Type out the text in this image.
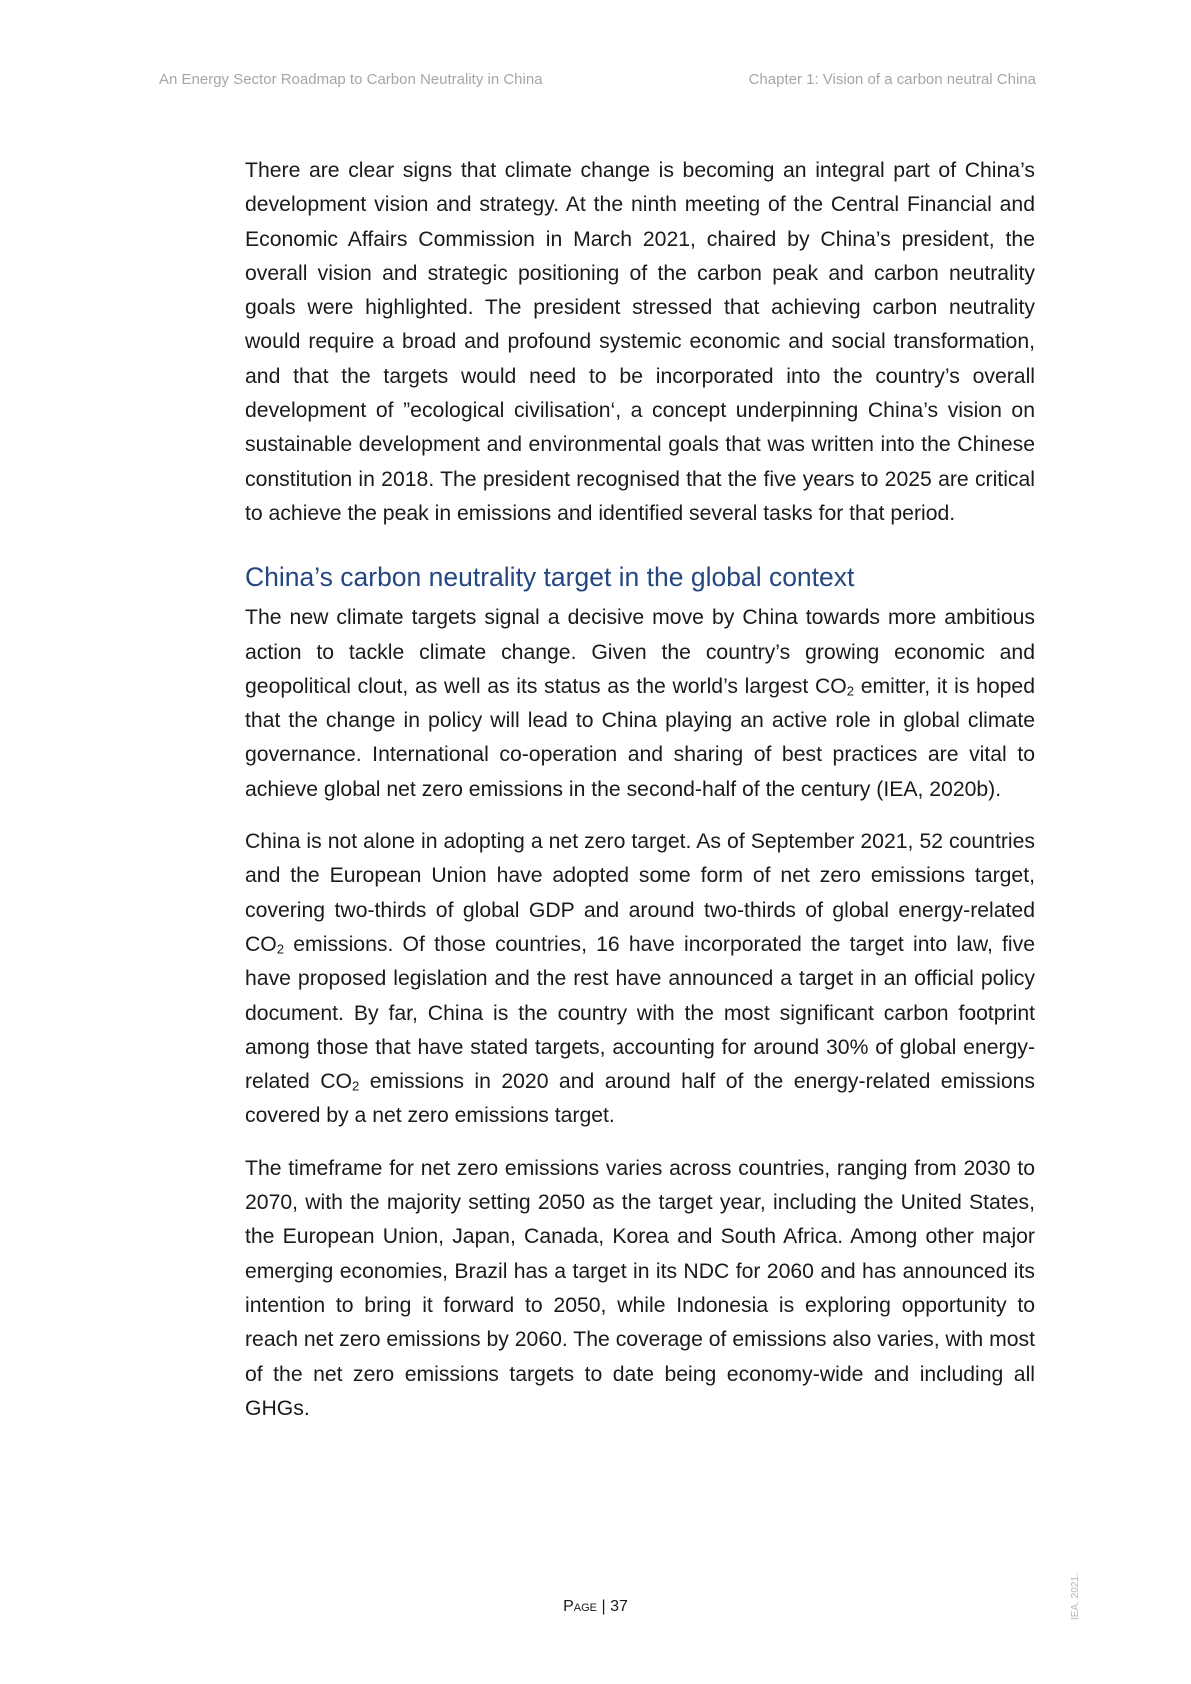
An Energy Sector Roadmap to Carbon Neutrality in China	Chapter 1: Vision of a carbon neutral China

There are clear signs that climate change is becoming an integral part of China’s development vision and strategy. At the ninth meeting of the Central Financial and Economic Affairs Commission in March 2021, chaired by China’s president, the overall vision and strategic positioning of the carbon peak and carbon neutrality goals were highlighted. The president stressed that achieving carbon neutrality would require a broad and profound systemic economic and social transformation, and that the targets would need to be incorporated into the country’s overall development of ”ecological civilisation‘, a concept underpinning China’s vision on sustainable development and environmental goals that was written into the Chinese constitution in 2018. The president recognised that the five years to 2025 are critical to achieve the peak in emissions and identified several tasks for that period.

China’s carbon neutrality target in the global context

The new climate targets signal a decisive move by China towards more ambitious action to tackle climate change. Given the country’s growing economic and geopolitical clout, as well as its status as the world’s largest $CO_2$ emitter, it is hoped that the change in policy will lead to China playing an active role in global climate governance. International co-operation and sharing of best practices are vital to achieve global net zero emissions in the second-half of the century (IEA, 2020b).

China is not alone in adopting a net zero target. As of September 2021, 52 countries and the European Union have adopted some form of net zero emissions target, covering two-thirds of global GDP and around two-thirds of global energy-related $CO_2$ emissions. Of those countries, 16 have incorporated the target into law, five have proposed legislation and the rest have announced a target in an official policy document. By far, China is the country with the most significant carbon footprint among those that have stated targets, accounting for around 30% of global energy-related $CO_2$ emissions in 2020 and around half of the energy-related emissions covered by a net zero emissions target.

The timeframe for net zero emissions varies across countries, ranging from 2030 to 2070, with the majority setting 2050 as the target year, including the United States, the European Union, Japan, Canada, Korea and South Africa. Among other major emerging economies, Brazil has a target in its NDC for 2060 and has announced its intention to bring it forward to 2050, while Indonesia is exploring opportunity to reach net zero emissions by 2060. The coverage of emissions also varies, with most of the net zero emissions targets to date being economy-wide and including all GHGs.

Page | 37	IEA. 2021.
